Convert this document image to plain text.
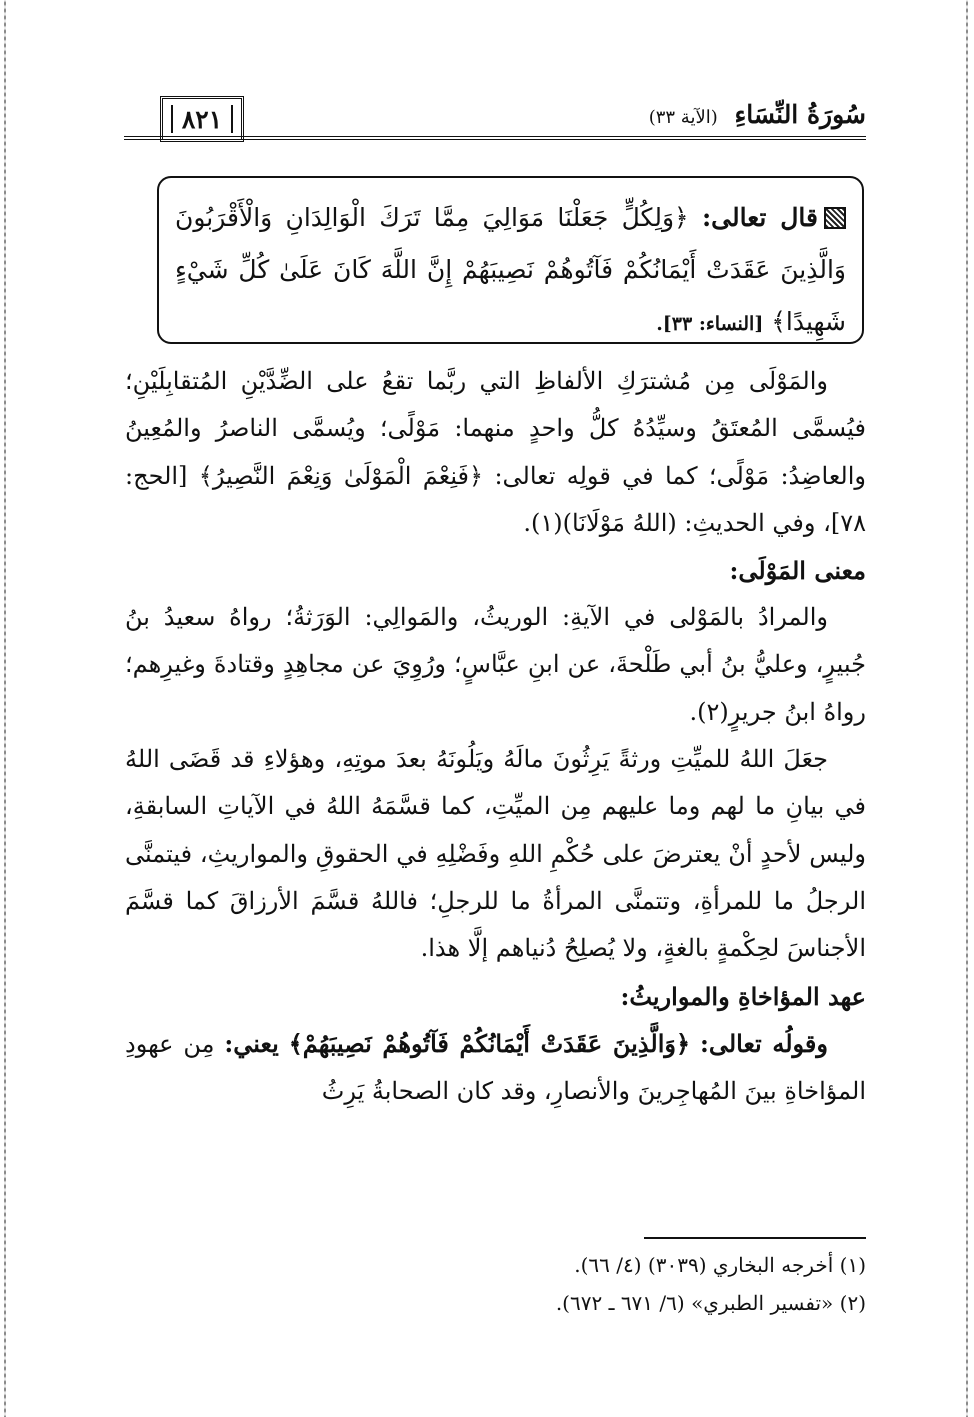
سُورَةُ النِّسَاءِ (الآية ٣٣)
٨٢١

قال تعالى: ﴿وَلِكُلٍّ جَعَلْنَا مَوَالِيَ مِمَّا تَرَكَ الْوَالِدَانِ وَالْأَقْرَبُونَ وَالَّذِينَ عَقَدَتْ أَيْمَانُكُمْ فَآتُوهُمْ نَصِيبَهُمْ إِنَّ اللَّهَ كَانَ عَلَىٰ كُلِّ شَيْءٍ شَهِيدًا﴾ [النساء: ٣٣].

والمَوْلَى مِن مُشترَكِ الألفاظِ التي ربَّما تقعُ على الضِّدَّيْنِ المُتقابِلَيْنِ؛ فيُسمَّى المُعتَقُ وسيِّدُهُ كلُّ واحدٍ منهما: مَوْلًى؛ ويُسمَّى الناصرُ والمُعِينُ والعاضِدُ: مَوْلًى؛ كما في قولِه تعالى: ﴿فَنِعْمَ الْمَوْلَىٰ وَنِعْمَ النَّصِيرُ﴾ [الحج: ٧٨]، وفي الحديثِ: (اللهُ مَوْلَانَا)(١).

معنى المَوْلَى:

والمرادُ بالمَوْلى في الآيةِ: الوريثُ، والمَوالِي: الوَرَثةُ؛ رواهُ سعيدُ بنُ جُبيرٍ، وعليُّ بنُ أبي طَلْحةَ، عن ابنِ عبَّاسٍ؛ ورُوِيَ عن مجاهِدٍ وقتادةَ وغيرِهم؛ رواهُ ابنُ جريرٍ(٢).

جعَلَ اللهُ للميِّتِ ورثةً يَرِثُونَ مالَهُ ويَلُونَهُ بعدَ موتِهِ، وهؤلاءِ قد قَضَى اللهُ في بيانِ ما لهم وما عليهم مِن الميِّتِ، كما قسَّمَهُ اللهُ في الآياتِ السابقةِ، وليس لأحدٍ أنْ يعترضَ على حُكْمِ اللهِ وفَضْلِهِ في الحقوقِ والمواريثِ، فيتمنَّى الرجلُ ما للمرأةِ، وتتمنَّى المرأةُ ما للرجلِ؛ فاللهُ قسَّمَ الأرزاقَ كما قسَّمَ الأجناسَ لحِكْمةٍ بالغةٍ، ولا يُصلِحُ دُنياهم إلَّا هذا.

عهد المؤاخاةِ والمواريثُ:

وقولُه تعالى: ﴿وَالَّذِينَ عَقَدَتْ أَيْمَانُكُمْ فَآتُوهُمْ نَصِيبَهُمْ﴾ يعني: مِن عهودِ المؤاخاةِ بينَ المُهاجِرينَ والأنصارِ، وقد كان الصحابةُ يَرِثُ

(١) أخرجه البخاري (٣٠٣٩) (٤/ ٦٦).
(٢) «تفسير الطبري» (٦/ ٦٧١ ـ ٦٧٢).
